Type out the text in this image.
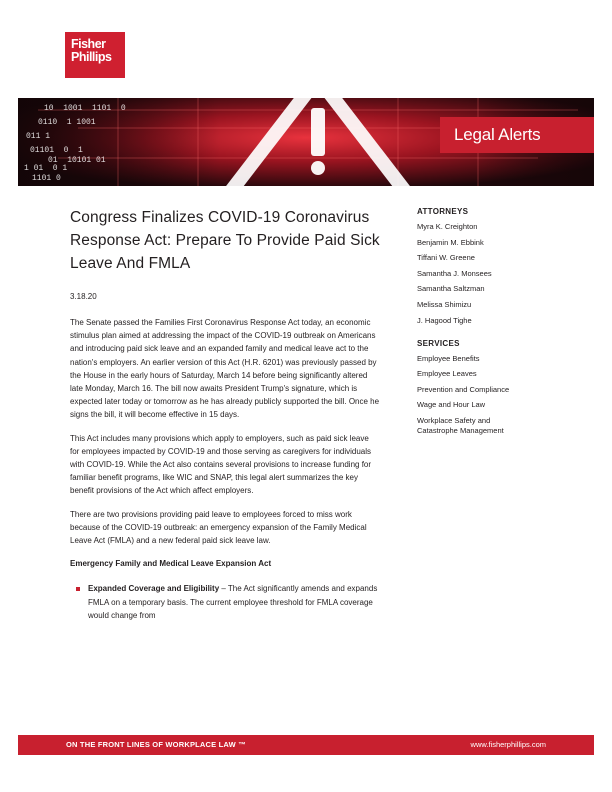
Fisher
Phillips
10  1001  1101  0
0110  1 1001
011 1
01101  0  1
01  10101 01
1 01  0 1
1101 0
Legal Alerts
Congress Finalizes COVID-19 Coronavirus
Response Act: Prepare To Provide Paid Sick
Leave And FMLA
3.18.20

The Senate passed the Families First Coronavirus Response Act today, an economic stimulus plan aimed at addressing the impact of the COVID-19 outbreak on Americans and introducing paid sick leave and an expanded family and medical leave act to the nation's employers. An earlier version of this Act (H.R. 6201) was previously passed by the House in the early hours of Saturday, March 14 before being significantly altered late Monday, March 16. The bill now awaits President Trump's signature, which is expected later today or tomorrow as he has already publicly supported the bill. Once he signs the bill, it will become effective in 15 days.

This Act includes many provisions which apply to employers, such as paid sick leave for employees impacted by COVID-19 and those serving as caregivers for individuals with COVID-19. While the Act also contains several provisions to increase funding for familiar benefit programs, like WIC and SNAP, this legal alert summarizes the key benefit provisions of the Act which affect employers.

There are two provisions providing paid leave to employees forced to miss work because of the COVID-19 outbreak: an emergency expansion of the Family Medical Leave Act (FMLA) and a new federal paid sick leave law.

Emergency Family and Medical Leave Expansion Act
Expanded Coverage and Eligibility – The Act significantly amends and expands FMLA on a temporary basis. The current employee threshold for FMLA coverage would change from
ATTORNEYS
Myra K. Creighton
Benjamin M. Ebbink
Tiffani W. Greene
Samantha J. Monsees
Samantha Saltzman
Melissa Shimizu
J. Hagood Tighe
SERVICES
Employee Benefits
Employee Leaves
Prevention and Compliance
Wage and Hour Law
Workplace Safety and Catastrophe Management
ON THE FRONT LINES OF WORKPLACE LAW ™	www.fisherphillips.com
